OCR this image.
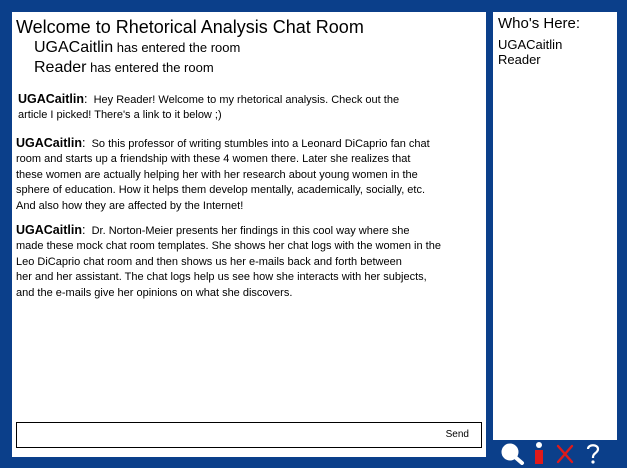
Welcome to Rhetorical Analysis Chat Room
UGACaitlin has entered the room
Reader has entered the room
UGACaitlin: Hey Reader! Welcome to my rhetorical analysis. Check out the
article I picked! There's a link to it below ;)
UGACaitlin: So this professor of writing stumbles into a Leonard DiCaprio fan chat
room and starts up a friendship with these 4 women there. Later she realizes that
these women are actually helping her with her research about young women in the
sphere of education. How it helps them develop mentally, academically, socially, etc.
And also how they are affected by the Internet!
UGACaitlin: Dr. Norton-Meier presents her findings in this cool way where she
made these mock chat room templates. She shows her chat logs with the women in the
Leo DiCaprio chat room and then shows us her e-mails back and forth between
her and her assistant. The chat logs help us see how she interacts with her subjects,
and the e-mails give her opinions on what she discovers.
Send
Who's Here:
UGACaitlin
Reader
